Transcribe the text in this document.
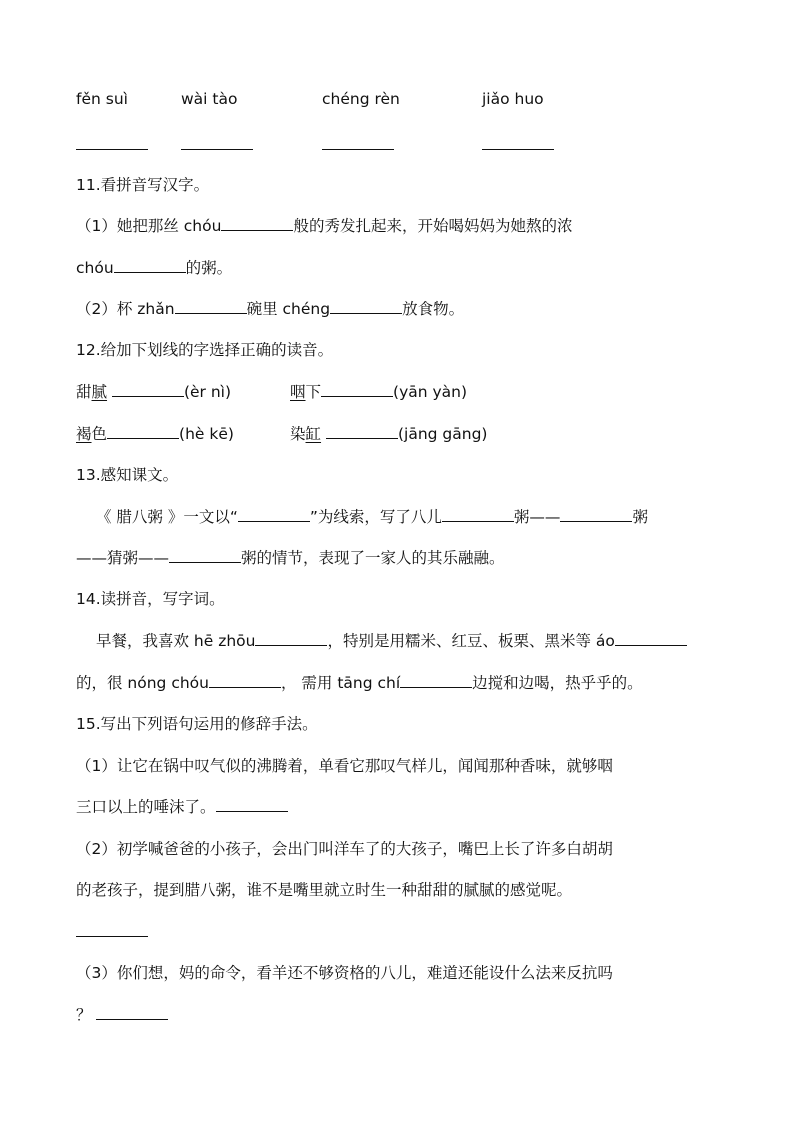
fěn suì	wài tào	chéng rèn	jiǎo huo
11.看拼音写汉字。
（1）她把那丝 chóu	般的秀发扎起来，开始喝妈妈为她熬的浓
chóu	的粥。
（2）杯 zhǎn	碗里 chéng	放食物。
12.给加下划线的字选择正确的读音。
甜腻	(èr nì)	咽下	(yān yàn)
褐色	(hè kē)	染缸	(jāng gāng)
13.感知课文。
《 腊八粥 》一文以“	”为线索，写了八儿	粥——	粥
——猜粥——	粥的情节，表现了一家人的其乐融融。
14.读拼音，写字词。
早餐，我喜欢 hē zhōu	，特别是用糯米、红豆、板栗、黑米等 áo
的，很 nóng chóu	， 需用 tāng chí	边搅和边喝，热乎乎的。
15.写出下列语句运用的修辞手法。
（1）让它在锅中叹气似的沸腾着，单看它那叹气样儿，闻闻那种香味，就够咽
三口以上的唾沫了。
（2）初学喊爸爸的小孩子，会出门叫洋车了的大孩子，嘴巴上长了许多白胡胡
的老孩子，提到腊八粥，谁不是嘴里就立时生一种甜甜的腻腻的感觉呢。
（3）你们想，妈的命令，看羊还不够资格的八儿，难道还能设什么法来反抗吗
？
